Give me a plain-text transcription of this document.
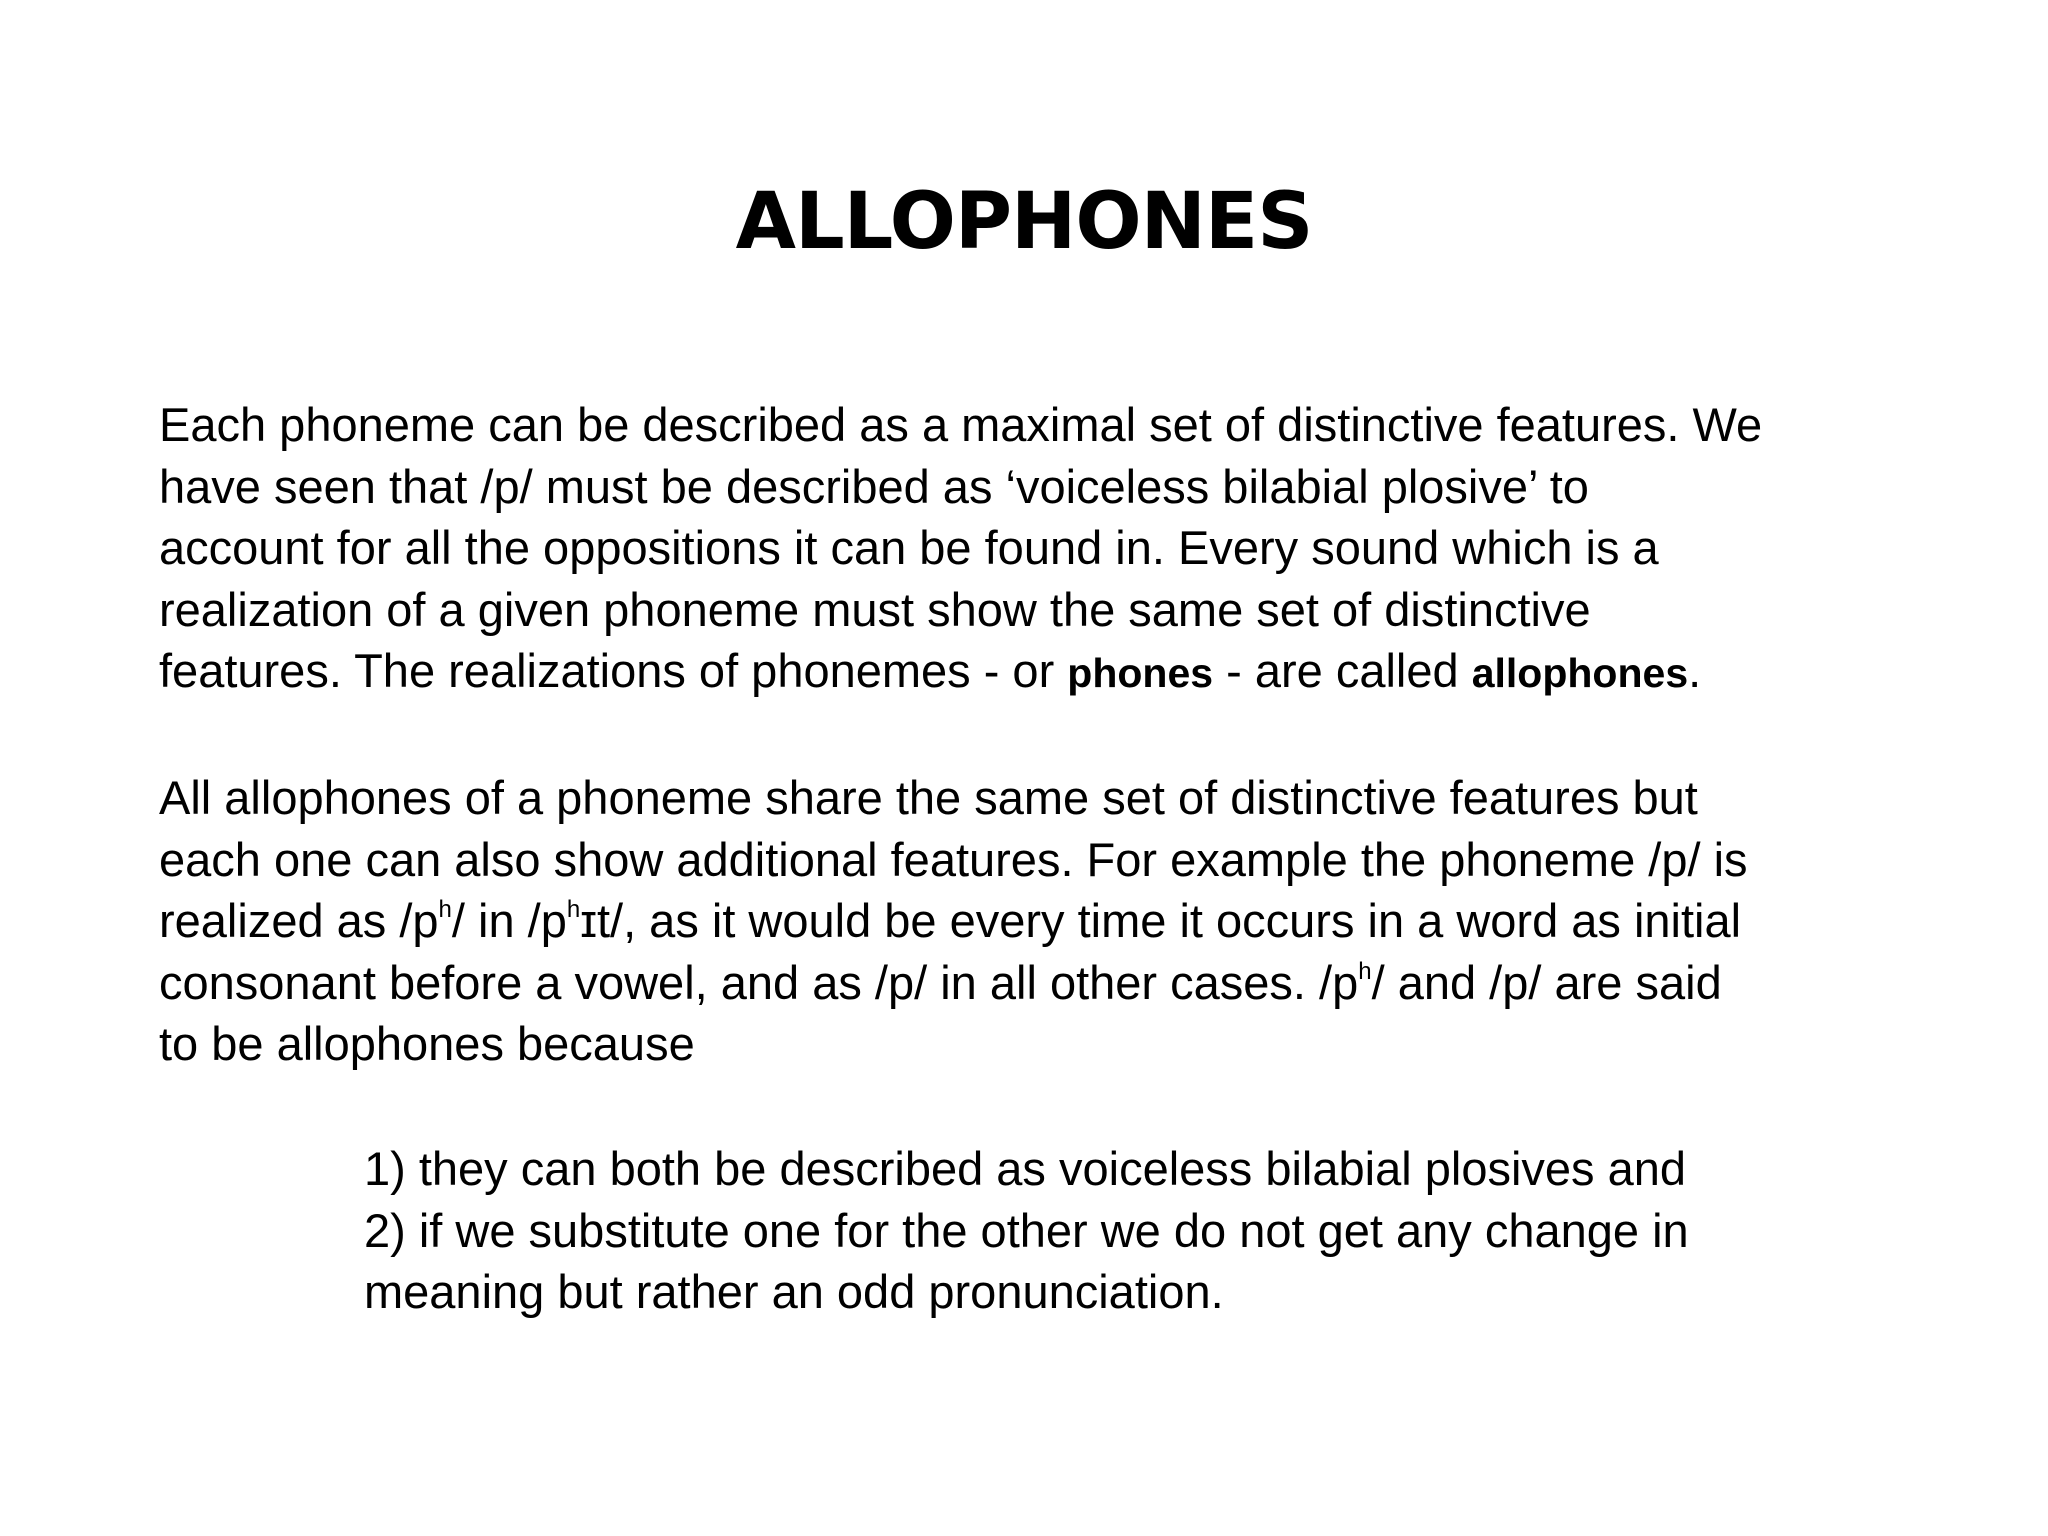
ALLOPHONES
Each phoneme can be described as a maximal set of distinctive features. We
have seen that /p/ must be described as ‘voiceless bilabial plosive’ to
account for all the oppositions it can be found in. Every sound which is a
realization of a given phoneme must show the same set of distinctive
features. The realizations of phonemes - or phones - are called allophones.
All allophones of a phoneme share the same set of distinctive features but
each one can also show additional features. For example the phoneme /p/ is
realized as $/p^h/$ in $/p^hɪt/$, as it would be every time it occurs in a word as initial
consonant before a vowel, and as /p/ in all other cases. $/p^h/$ and /p/ are said
to be allophones because
1) they can both be described as voiceless bilabial plosives and
2) if we substitute one for the other we do not get any change in
meaning but rather an odd pronunciation.
